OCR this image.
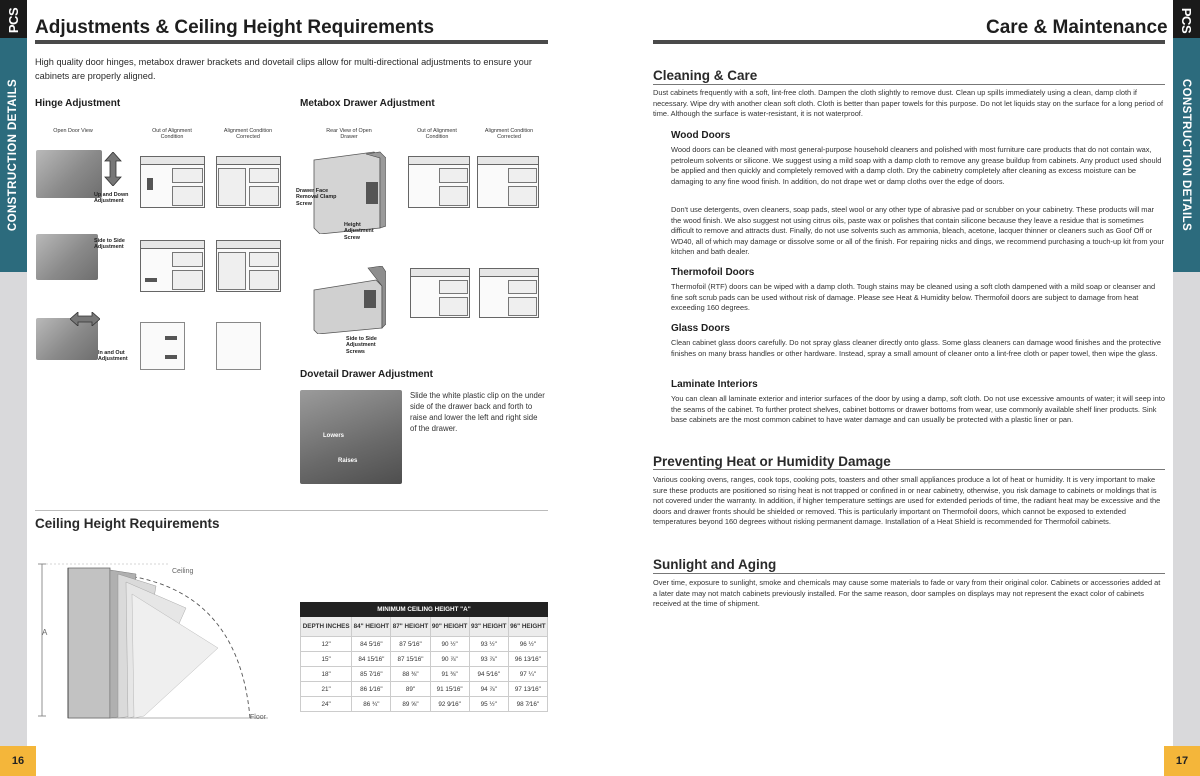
PCS
CONSTRUCTION DETAILS
16
PCS
CONSTRUCTION DETAILS
17
Adjustments & Ceiling Height Requirements
High quality door hinges, metabox drawer brackets and dovetail clips allow for multi-directional adjustments to ensure your cabinets are properly aligned.
Hinge Adjustment
Open Door View	Out of Alignment Condition
Alignment Condition Corrected
Up and Down Adjustment
Side to Side Adjustment
In and Out Adjustment
Metabox Drawer Adjustment
Rear View of Open Drawer
Out of Alignment Condition
Alignment Condition Corrected
Drawer Face Removal Clamp Screw
Height Adjustment Screw
Side to Side Adjustment Screws
Dovetail Drawer Adjustment
Lowers
Raises
Slide the white plastic clip on the under side of the drawer back and forth to raise and lower the left and right side of the drawer.
Ceiling Height Requirements
A
Ceiling
Floor
MINIMUM CEILING HEIGHT "A"					
DEPTH INCHES	84" HEIGHT	87" HEIGHT	90" HEIGHT	93" HEIGHT	96" HEIGHT
12"	84 5⁄16"	87 5⁄16"	90 ½"	93 ½"	96 ½"
15"	84 15⁄16"	87 15⁄16"	90 ⅞"	93 ⅞"	96 13⁄16"
18"	85 7⁄16"	88 ⅜"	91 ⅜"	94 5⁄16"	97 ¼"
21"	86 1⁄16"	89"	91 15⁄16"	94 ⅞"	97 13⁄16"
24"	86 ¾"	89 ⅝"	92 9⁄16"	95 ½"	98 7⁄16"
Care & Maintenance
Cleaning & Care
Dust cabinets frequently with a soft, lint-free cloth. Dampen the cloth slightly to remove dust. Clean up spills immediately using a clean, damp cloth if necessary. Wipe dry with another clean soft cloth. Cloth is better than paper towels for this purpose. Do not let liquids stay on the surface for a long period of time. Although the surface is water-resistant, it is not waterproof.
Wood Doors
Wood doors can be cleaned with most general-purpose household cleaners and polished with most furniture care products that do not contain wax, petroleum solvents or silicone. We suggest using a mild soap with a damp cloth to remove any grease buildup from cabinets. Any product used should be applied and then quickly and completely removed with a damp cloth. Dry the cabinetry completely after cleaning as excess moisture can be damaging to any fine wood finish. In addition, do not drape wet or damp cloths over the edge of doors.
Don't use detergents, oven cleaners, soap pads, steel wool or any other type of abrasive pad or scrubber on your cabinetry. These products will mar the wood finish. We also suggest not using citrus oils, paste wax or polishes that contain silicone because they leave a residue that is sometimes difficult to remove and attracts dust. Finally, do not use solvents such as ammonia, bleach, acetone, lacquer thinner or cleaners such as Goof Off or WD40, all of which may damage or dissolve some or all of the finish. For repairing nicks and dings, we recommend purchasing a touch-up kit from your kitchen and bath dealer.
Thermofoil Doors
Thermofoil (RTF) doors can be wiped with a damp cloth. Tough stains may be cleaned using a soft cloth dampened with a mild soap or cleanser and fine soft scrub pads can be used without risk of damage. Please see Heat & Humidity below. Thermofoil doors are subject to damage from heat exceeding 160 degrees.
Glass Doors
Clean cabinet glass doors carefully. Do not spray glass cleaner directly onto glass. Some glass cleaners can damage wood finishes and the protective finishes on many brass handles or other hardware. Instead, spray a small amount of cleaner onto a lint-free cloth or paper towel, then wipe the glass.
Laminate Interiors
You can clean all laminate exterior and interior surfaces of the door by using a damp, soft cloth. Do not use excessive amounts of water; it will seep into the seams of the cabinet. To further protect shelves, cabinet bottoms or drawer bottoms from wear, use commonly available shelf liner products. Sink base cabinets are the most common cabinet to have water damage and can usually be protected with a plastic liner or pan.
Preventing Heat or Humidity Damage
Various cooking ovens, ranges, cook tops, cooking pots, toasters and other small appliances produce a lot of heat or humidity. It is very important to make sure these products are positioned so rising heat is not trapped or confined in or near cabinetry, otherwise, you risk damage to cabinets or moldings that is not covered under the warranty. In addition, if higher temperature settings are used for extended periods of time, the radiant heat may be excessive and the doors and drawer fronts should be shielded or removed. This is particularly important on Thermofoil doors, which cannot be exposed to extended temperatures beyond 160 degrees without risking permanent damage. Installation of a Heat Shield is recommended for Thermofoil cabinets.
Sunlight and Aging
Over time, exposure to sunlight, smoke and chemicals may cause some materials to fade or vary from their original color. Cabinets or accessories added at a later date may not match cabinets previously installed. For the same reason, door samples on displays may not represent the exact color of cabinets received at the time of shipment.
